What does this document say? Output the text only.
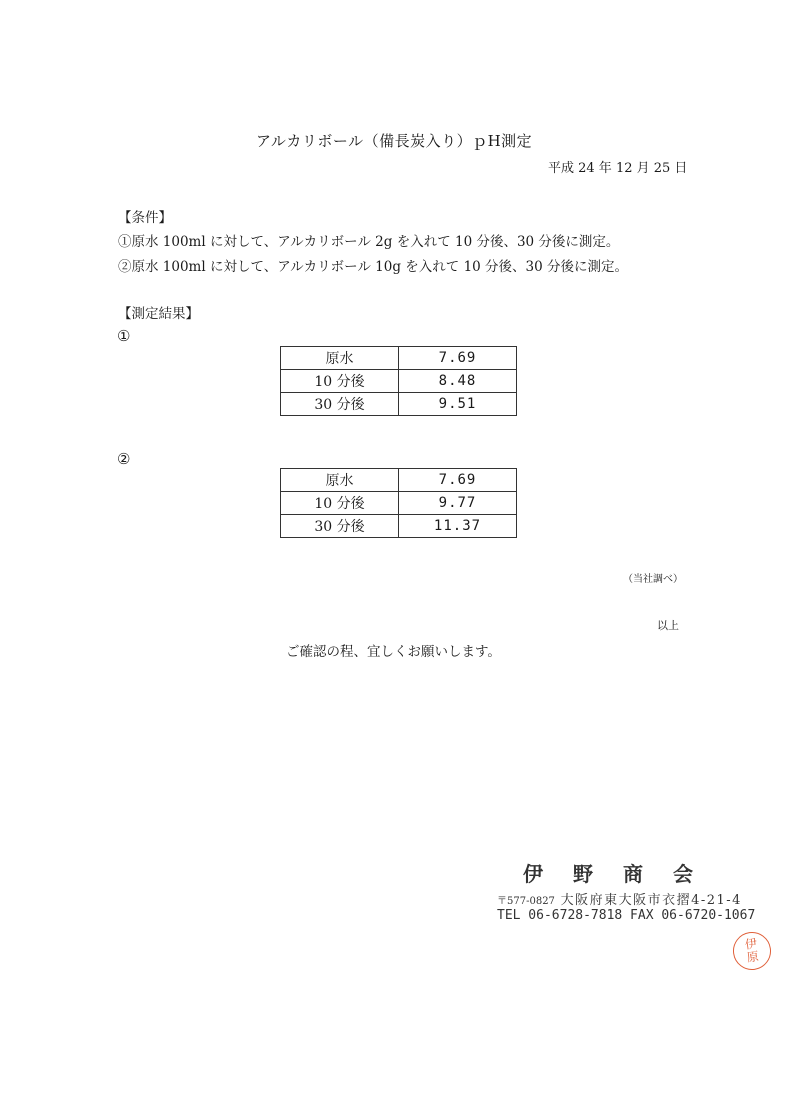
アルカリボール（備長炭入り）ｐH測定
平成 24 年 12 月 25 日
【条件】
①原水 100ml に対して、アルカリボール 2g を入れて 10 分後、30 分後に測定。
②原水 100ml に対して、アルカリボール 10g を入れて 10 分後、30 分後に測定。
【測定結果】
①
原水	7.69
10 分後	8.48
30 分後	9.51
②
原水	7.69
10 分後	9.77
30 分後	11.37
（当社調べ）
以上
ご確認の程、宜しくお願いします。
伊野商会
〒577-0827 大阪府東大阪市衣摺4-21-4
TEL 06-6728-7818 FAX 06-6720-1067
伊
原
